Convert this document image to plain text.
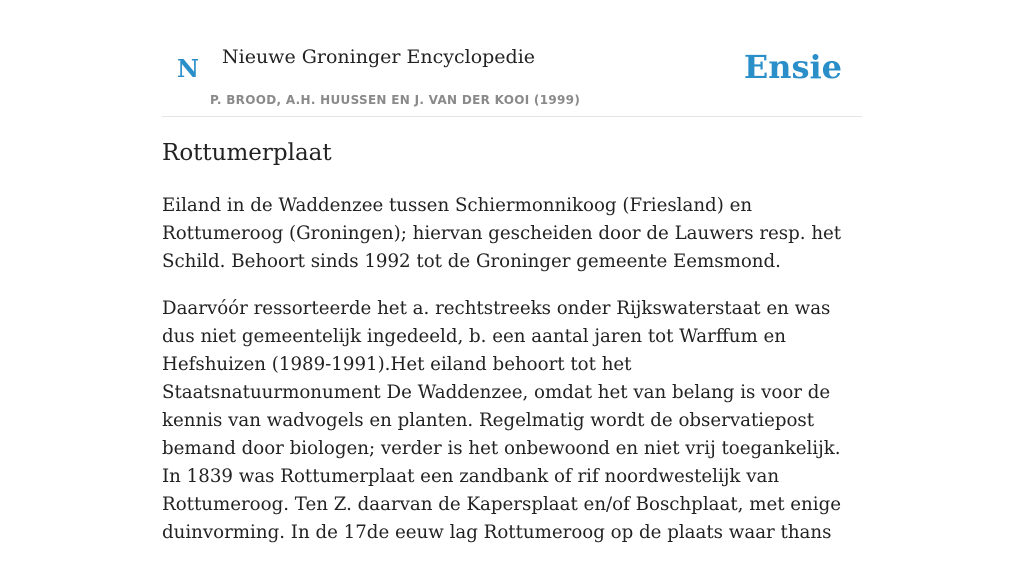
N Nieuwe Groninger Encyclopedie
P. BROOD, A.H. HUUSSEN EN J. VAN DER KOOI (1999)
Ensie
Rottumerplaat

Eiland in de Waddenzee tussen Schiermonnikoog (Friesland) en Rottumeroog (Groningen); hiervan gescheiden door de Lauwers resp. het Schild. Behoort sinds 1992 tot de Groninger gemeente Eemsmond.

Daarvóór ressorteerde het a. rechtstreeks onder Rijkswaterstaat en was dus niet gemeentelijk ingedeeld, b. een aantal jaren tot Warffum en Hefshuizen (1989-1991).Het eiland behoort tot het Staatsnatuurmonument De Waddenzee, omdat het van belang is voor de kennis van wadvogels en planten. Regelmatig wordt de observatiepost bemand door biologen; verder is het onbewoond en niet vrij toegankelijk. In 1839 was Rottumerplaat een zandbank of rif noordwestelijk van Rottumeroog. Ten Z. daarvan de Kapersplaat en/of Boschplaat, met enige duinvorming. In de 17de eeuw lag Rottumeroog op de plaats waar thans
